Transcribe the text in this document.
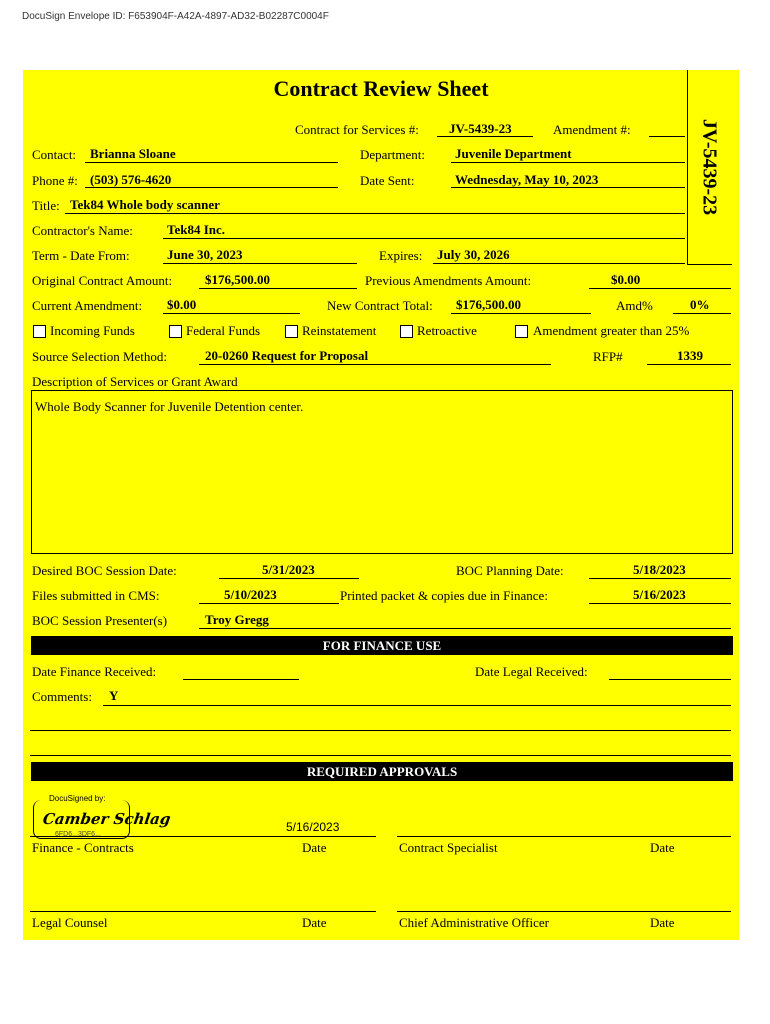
DocuSign Envelope ID: F653904F-A42A-4897-AD32-B02287C0004F
Contract Review Sheet
JV-5439-23
Contract for Services #: JV-5439-23	Amendment #:
Contact: Brianna Sloane	Department: Juvenile Department
Phone #: (503) 576-4620	Date Sent:	Wednesday, May 10, 2023
Title: Tek84 Whole body scanner
Contractor's Name:	Tek84 Inc.
Term - Date From:	June 30, 2023	Expires: July 30, 2026
Original Contract Amount:	$176,500.00	Previous Amendments Amount:	$0.00
Current Amendment: $0.00	New Contract Total: $176,500.00	Amd%	0%
Incoming Funds	Federal Funds	Reinstatement	Retroactive	Amendment greater than 25%
Source Selection Method:	20-0260 Request for Proposal	RFP#	1339
Description of Services or Grant Award
Whole Body Scanner for Juvenile Detention center.
Desired BOC Session Date:	5/31/2023	BOC Planning Date:	5/18/2023
Files submitted in CMS:	5/10/2023	Printed packet & copies due in Finance:	5/16/2023
BOC Session Presenter(s)	Troy Gregg
FOR FINANCE USE
Date Finance Received:	Date Legal Received:
Comments: Y
REQUIRED APPROVALS
DocuSigned by:
Camber Schlag
6FD6...3DF6...
5/16/2023
Finance - Contracts	Date	Contract Specialist	Date
Legal Counsel	Date	Chief Administrative Officer	Date
